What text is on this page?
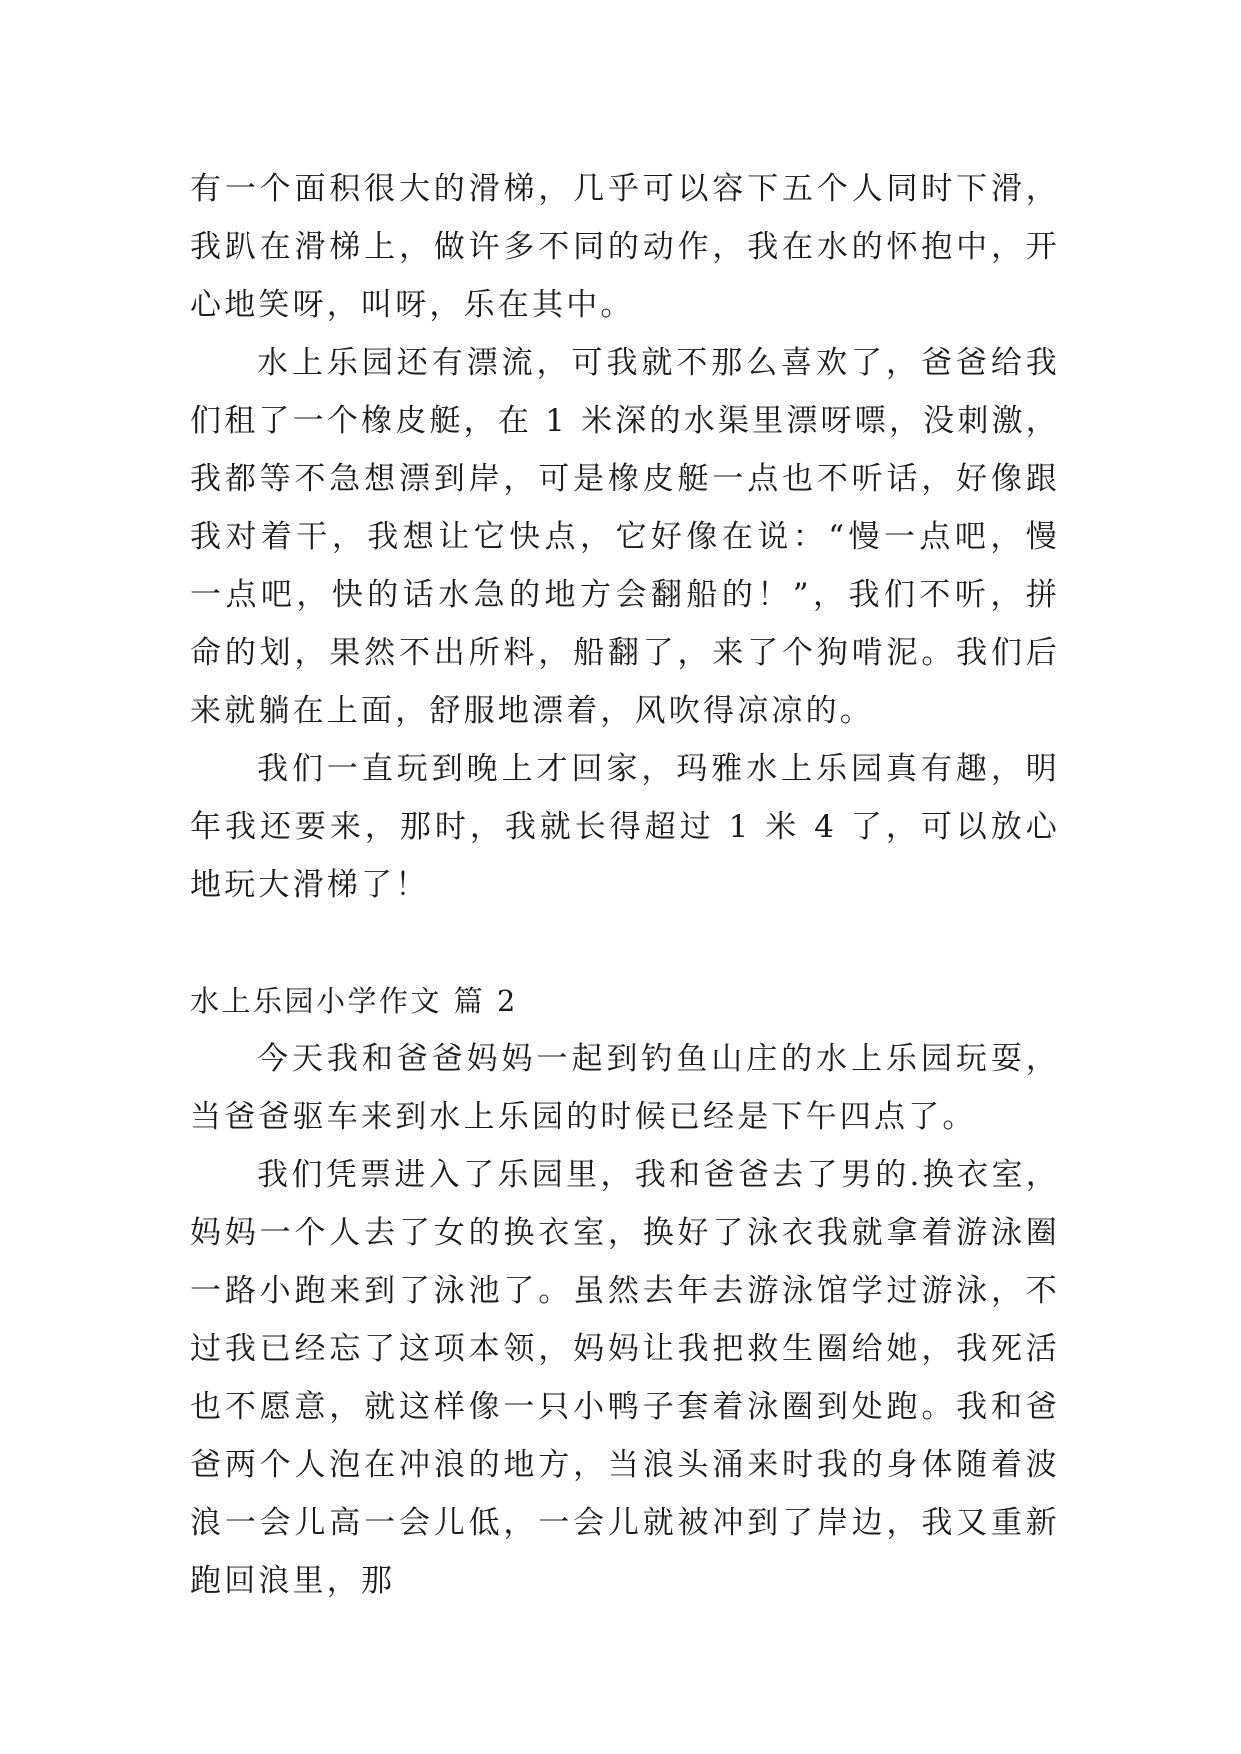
有一个面积很大的滑梯，几乎可以容下五个人同时下滑，我趴在滑梯上，做许多不同的动作，我在水的怀抱中，开心地笑呀，叫呀，乐在其中。

水上乐园还有漂流，可我就不那么喜欢了，爸爸给我们租了一个橡皮艇，在 1 米深的水渠里漂呀嘌，没刺激，我都等不急想漂到岸，可是橡皮艇一点也不听话，好像跟我对着干，我想让它快点，它好像在说：“慢一点吧，慢一点吧，快的话水急的地方会翻船的！”，我们不听，拼命的划，果然不出所料，船翻了，来了个狗啃泥。我们后来就躺在上面，舒服地漂着，风吹得凉凉的。

我们一直玩到晚上才回家，玛雅水上乐园真有趣，明年我还要来，那时，我就长得超过 1 米 4 了，可以放心地玩大滑梯了！

水上乐园小学作文 篇 2

今天我和爸爸妈妈一起到钓鱼山庄的水上乐园玩耍，当爸爸驱车来到水上乐园的时候已经是下午四点了。

我们凭票进入了乐园里，我和爸爸去了男的.换衣室，妈妈一个人去了女的换衣室，换好了泳衣我就拿着游泳圈一路小跑来到了泳池了。虽然去年去游泳馆学过游泳，不过我已经忘了这项本领，妈妈让我把救生圈给她，我死活也不愿意，就这样像一只小鸭子套着泳圈到处跑。我和爸爸两个人泡在冲浪的地方，当浪头涌来时我的身体随着波浪一会儿高一会儿低，一会儿就被冲到了岸边，我又重新跑回浪里，那
